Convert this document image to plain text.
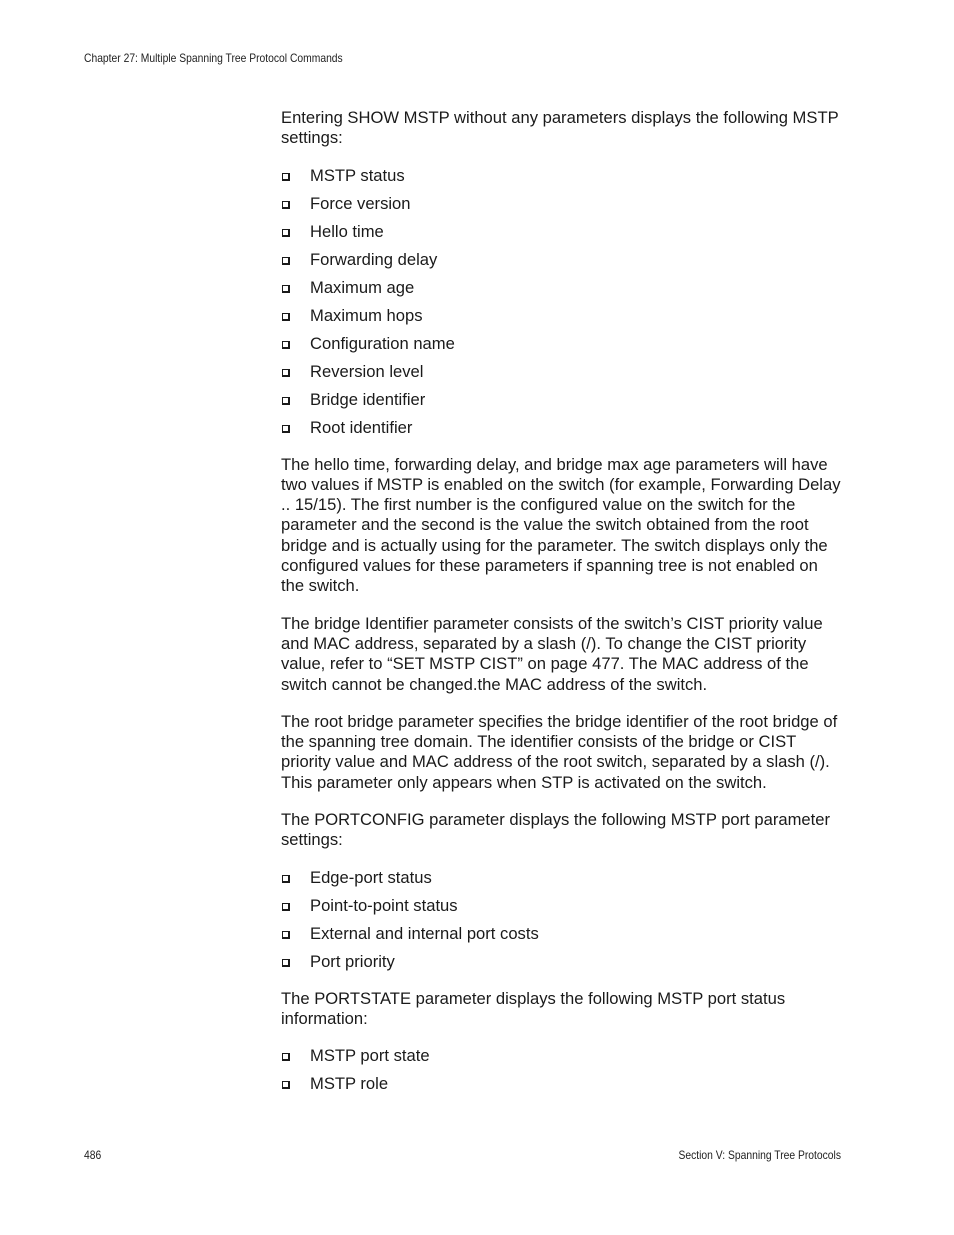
Chapter 27: Multiple Spanning Tree Protocol Commands

Entering SHOW MSTP without any parameters displays the following MSTP settings:

MSTP status
Force version
Hello time
Forwarding delay
Maximum age
Maximum hops
Configuration name
Reversion level
Bridge identifier
Root identifier

The hello time, forwarding delay, and bridge max age parameters will have two values if MSTP is enabled on the switch (for example, Forwarding Delay .. 15/15). The first number is the configured value on the switch for the parameter and the second is the value the switch obtained from the root bridge and is actually using for the parameter. The switch displays only the configured values for these parameters if spanning tree is not enabled on the switch.

The bridge Identifier parameter consists of the switch’s CIST priority value and MAC address, separated by a slash (/). To change the CIST priority value, refer to “SET MSTP CIST” on page 477. The MAC address of the switch cannot be changed.the MAC address of the switch.

The root bridge parameter specifies the bridge identifier of the root bridge of the spanning tree domain. The identifier consists of the bridge or CIST priority value and MAC address of the root switch, separated by a slash (/). This parameter only appears when STP is activated on the switch.

The PORTCONFIG parameter displays the following MSTP port parameter settings:

Edge-port status
Point-to-point status
External and internal port costs
Port priority

The PORTSTATE parameter displays the following MSTP port status information:

MSTP port state
MSTP role
486	Section V: Spanning Tree Protocols
